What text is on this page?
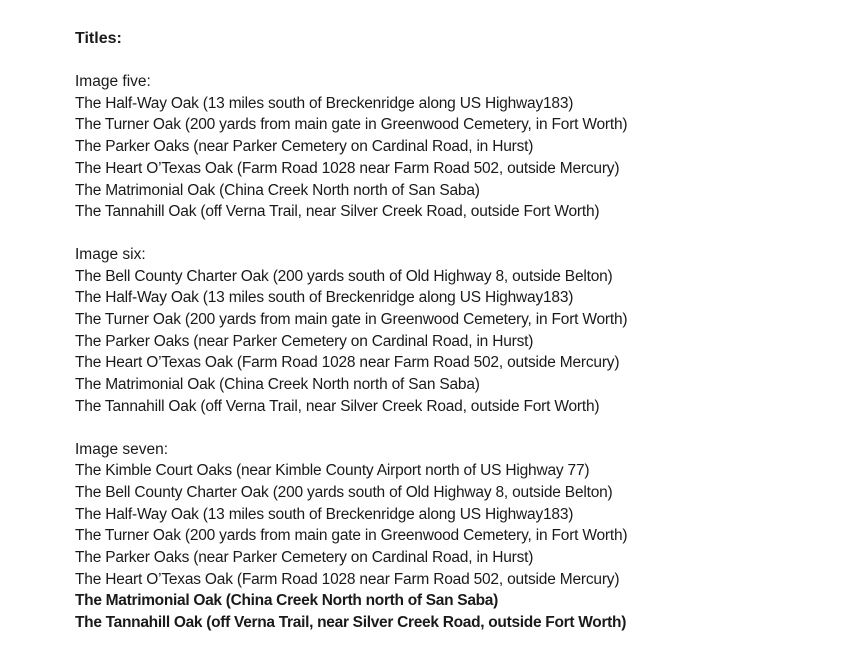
Titles:
Image five:
The Half-Way Oak (13 miles south of Breckenridge along US Highway183)
The Turner Oak (200 yards from main gate in Greenwood Cemetery, in Fort Worth)
The Parker Oaks (near Parker Cemetery on Cardinal Road, in Hurst)
The Heart O’Texas Oak (Farm Road 1028 near Farm Road 502, outside Mercury)
The Matrimonial Oak (China Creek North north of San Saba)
The Tannahill Oak (off Verna Trail, near Silver Creek Road, outside Fort Worth)
Image six:
The Bell County Charter Oak (200 yards south of Old Highway 8, outside Belton)
The Half-Way Oak (13 miles south of Breckenridge along US Highway183)
The Turner Oak (200 yards from main gate in Greenwood Cemetery, in Fort Worth)
The Parker Oaks (near Parker Cemetery on Cardinal Road, in Hurst)
The Heart O’Texas Oak (Farm Road 1028 near Farm Road 502, outside Mercury)
The Matrimonial Oak (China Creek North north of San Saba)
The Tannahill Oak (off Verna Trail, near Silver Creek Road, outside Fort Worth)
Image seven:
The Kimble Court Oaks (near Kimble County Airport north of US Highway 77)
The Bell County Charter Oak (200 yards south of Old Highway 8, outside Belton)
The Half-Way Oak (13 miles south of Breckenridge along US Highway183)
The Turner Oak (200 yards from main gate in Greenwood Cemetery, in Fort Worth)
The Parker Oaks (near Parker Cemetery on Cardinal Road, in Hurst)
The Heart O’Texas Oak (Farm Road 1028 near Farm Road 502, outside Mercury)
The Matrimonial Oak (China Creek North north of San Saba)
The Tannahill Oak (off Verna Trail, near Silver Creek Road, outside Fort Worth)
